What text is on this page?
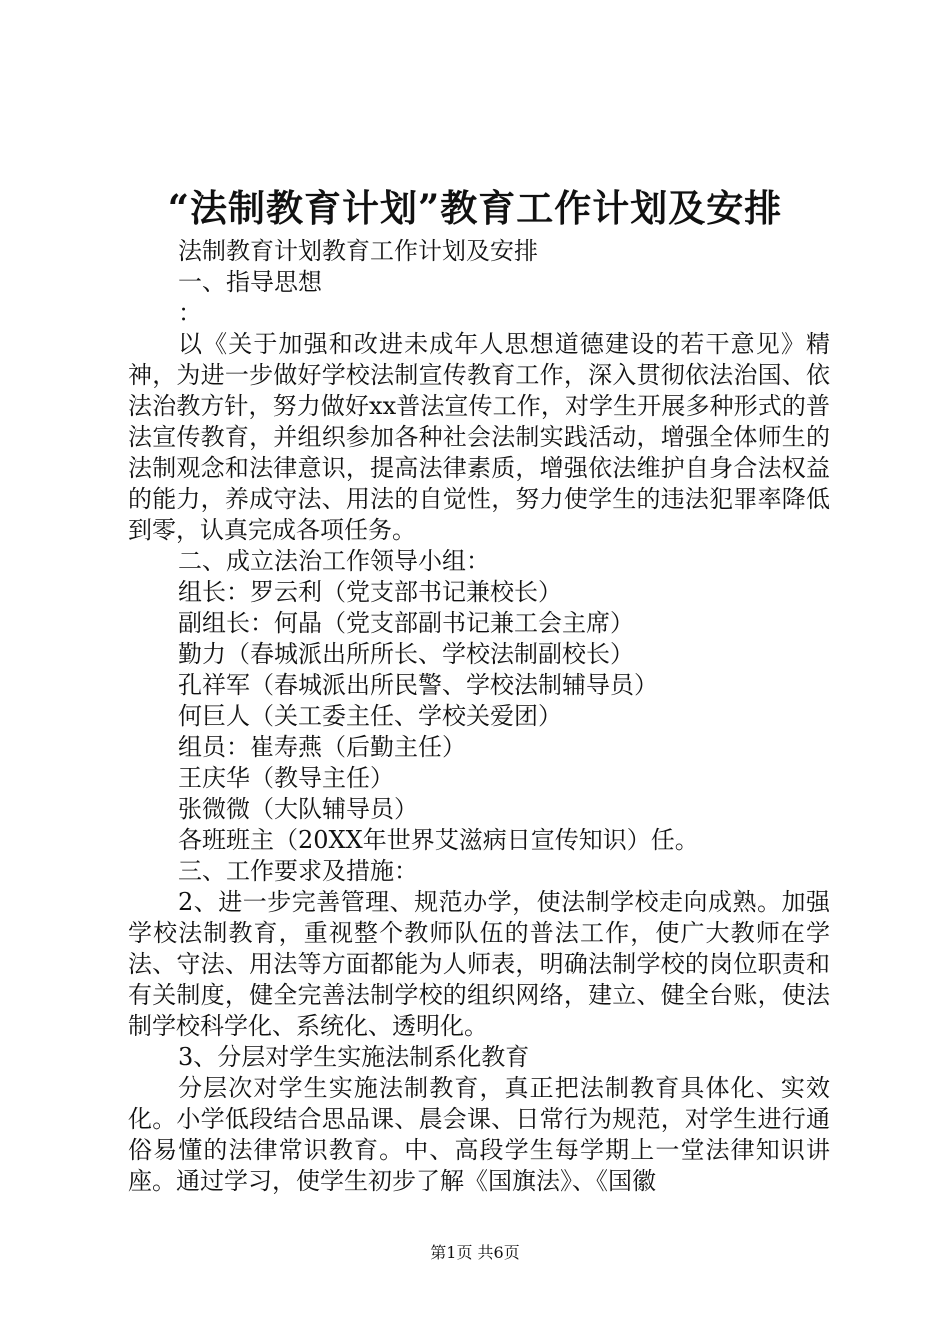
“法制教育计划”教育工作计划及安排

法制教育计划教育工作计划及安排

一、指导思想

：

以《关于加强和改进未成年人思想道德建设的若干意见》精神，为进一步做好学校法制宣传教育工作，深入贯彻依法治国、依法治教方针，努力做好xx普法宣传工作，对学生开展多种形式的普法宣传教育，并组织参加各种社会法制实践活动，增强全体师生的法制观念和法律意识，提高法律素质，增强依法维护自身合法权益的能力，养成守法、用法的自觉性，努力使学生的违法犯罪率降低到零，认真完成各项任务。

二、成立法治工作领导小组：

组长：罗云利（党支部书记兼校长）

副组长：何晶（党支部副书记兼工会主席）

勤力（春城派出所所长、学校法制副校长）

孔祥军（春城派出所民警、学校法制辅导员）

何巨人（关工委主任、学校关爱团）

组员：崔寿燕（后勤主任）

王庆华（教导主任）

张微微（大队辅导员）

各班班主（20XX年世界艾滋病日宣传知识）任。

三、工作要求及措施：

2、进一步完善管理、规范办学，使法制学校走向成熟。加强学校法制教育，重视整个教师队伍的普法工作，使广大教师在学法、守法、用法等方面都能为人师表，明确法制学校的岗位职责和有关制度，健全完善法制学校的组织网络，建立、健全台账，使法制学校科学化、系统化、透明化。

3、分层对学生实施法制系化教育

分层次对学生实施法制教育，真正把法制教育具体化、实效化。小学低段结合思品课、晨会课、日常行为规范，对学生进行通俗易懂的法律常识教育。中、高段学生每学期上一堂法律知识讲座。通过学习，使学生初步了解《国旗法》、《国徽

第1页 共6页
